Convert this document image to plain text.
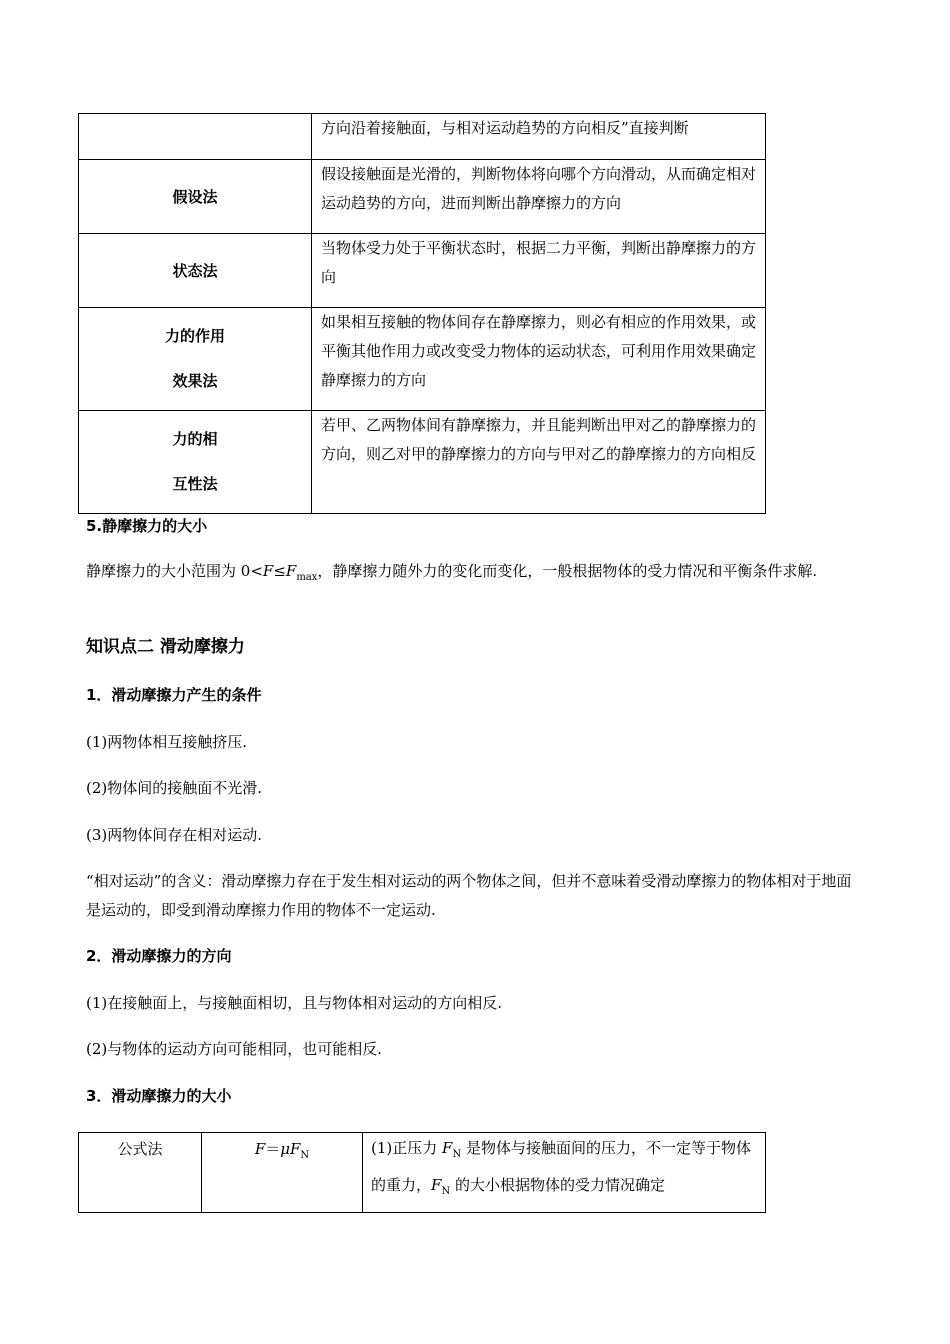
	方向沿着接触面，与相对运动趋势的方向相反”直接判断
假设法	假设接触面是光滑的，判断物体将向哪个方向滑动，从而确定相对运动趋势的方向，进而判断出静摩擦力的方向
状态法	当物体受力处于平衡状态时，根据二力平衡，判断出静摩擦力的方向

力的作用
效果法	如果相互接触的物体间存在静摩擦力，则必有相应的作用效果，或平衡其他作用力或改变受力物体的运动状态，可利用作用效果确定静摩擦力的方向

力的相
互性法	若甲、乙两物体间有静摩擦力，并且能判断出甲对乙的静摩擦力的方向，则乙对甲的静摩擦力的方向与甲对乙的静摩擦力的方向相反
5.静摩擦力的大小
静摩擦力的大小范围为 $0<F\le F_{max}$，静摩擦力随外力的变化而变化，一般根据物体的受力情况和平衡条件求解.
知识点二 滑动摩擦力
1．滑动摩擦力产生的条件
(1)两物体相互接触挤压.
(2)物体间的接触面不光滑.
(3)两物体间存在相对运动.
“相对运动”的含义：滑动摩擦力存在于发生相对运动的两个物体之间，但并不意味着受滑动摩擦力的物体相对于地面是运动的，即受到滑动摩擦力作用的物体不一定运动.
2．滑动摩擦力的方向
(1)在接触面上，与接触面相切，且与物体相对运动的方向相反.
(2)与物体的运动方向可能相同，也可能相反.
3．滑动摩擦力的大小
公式法	$F=\mu F_N$	(1)正压力 $F_N$ 是物体与接触面间的压力，不一定等于物体的重力，$F_N$ 的大小根据物体的受力情况确定
